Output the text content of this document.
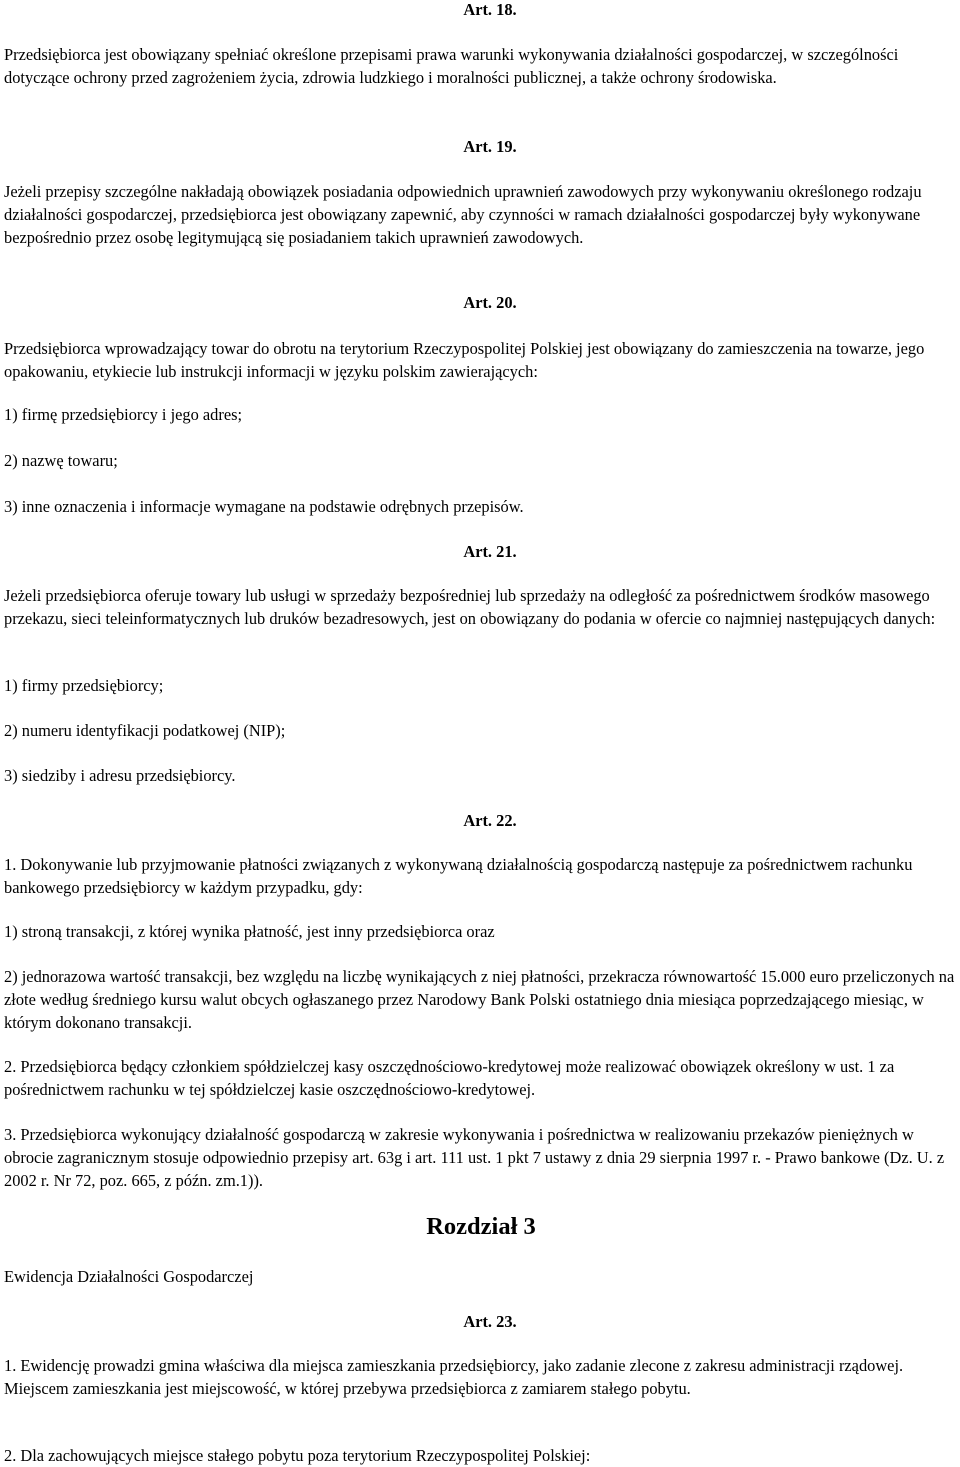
Art. 18.

Przedsiębiorca jest obowiązany spełniać określone przepisami prawa warunki wykonywania działalności gospodarczej, w szczególności dotyczące ochrony przed zagrożeniem życia, zdrowia ludzkiego i moralności publicznej, a także ochrony środowiska.

Art. 19.

Jeżeli przepisy szczególne nakładają obowiązek posiadania odpowiednich uprawnień zawodowych przy wykonywaniu określonego rodzaju działalności gospodarczej, przedsiębiorca jest obowiązany zapewnić, aby czynności w ramach działalności gospodarczej były wykonywane bezpośrednio przez osobę legitymującą się posiadaniem takich uprawnień zawodowych.

Art. 20.

Przedsiębiorca wprowadzający towar do obrotu na terytorium Rzeczypospolitej Polskiej jest obowiązany do zamieszczenia na towarze, jego opakowaniu, etykiecie lub instrukcji informacji w języku polskim zawierających:

1) firmę przedsiębiorcy i jego adres;

2) nazwę towaru;

3) inne oznaczenia i informacje wymagane na podstawie odrębnych przepisów.

Art. 21.

Jeżeli przedsiębiorca oferuje towary lub usługi w sprzedaży bezpośredniej lub sprzedaży na odległość za pośrednictwem środków masowego przekazu, sieci teleinformatycznych lub druków bezadresowych, jest on obowiązany do podania w ofercie co najmniej następujących danych:

1) firmy przedsiębiorcy;

2) numeru identyfikacji podatkowej (NIP);

3) siedziby i adresu przedsiębiorcy.

Art. 22.

1. Dokonywanie lub przyjmowanie płatności związanych z wykonywaną działalnością gospodarczą następuje za pośrednictwem rachunku bankowego przedsiębiorcy w każdym przypadku, gdy:

1) stroną transakcji, z której wynika płatność, jest inny przedsiębiorca oraz

2) jednorazowa wartość transakcji, bez względu na liczbę wynikających z niej płatności, przekracza równowartość 15.000 euro przeliczonych na złote według średniego kursu walut obcych ogłaszanego przez Narodowy Bank Polski ostatniego dnia miesiąca poprzedzającego miesiąc, w którym dokonano transakcji.

2. Przedsiębiorca będący członkiem spółdzielczej kasy oszczędnościowo-kredytowej może realizować obowiązek określony w ust. 1 za pośrednictwem rachunku w tej spółdzielczej kasie oszczędnościowo-kredytowej.

3. Przedsiębiorca wykonujący działalność gospodarczą w zakresie wykonywania i pośrednictwa w realizowaniu przekazów pieniężnych w obrocie zagranicznym stosuje odpowiednio przepisy art. 63g i art. 111 ust. 1 pkt 7 ustawy z dnia 29 sierpnia 1997 r. - Prawo bankowe (Dz. U. z 2002 r. Nr 72, poz. 665, z późn. zm.1)).

Rozdział 3

Ewidencja Działalności Gospodarczej

Art. 23.

1. Ewidencję prowadzi gmina właściwa dla miejsca zamieszkania przedsiębiorcy, jako zadanie zlecone z zakresu administracji rządowej. Miejscem zamieszkania jest miejscowość, w której przebywa przedsiębiorca z zamiarem stałego pobytu.

2. Dla zachowujących miejsce stałego pobytu poza terytorium Rzeczypospolitej Polskiej:
